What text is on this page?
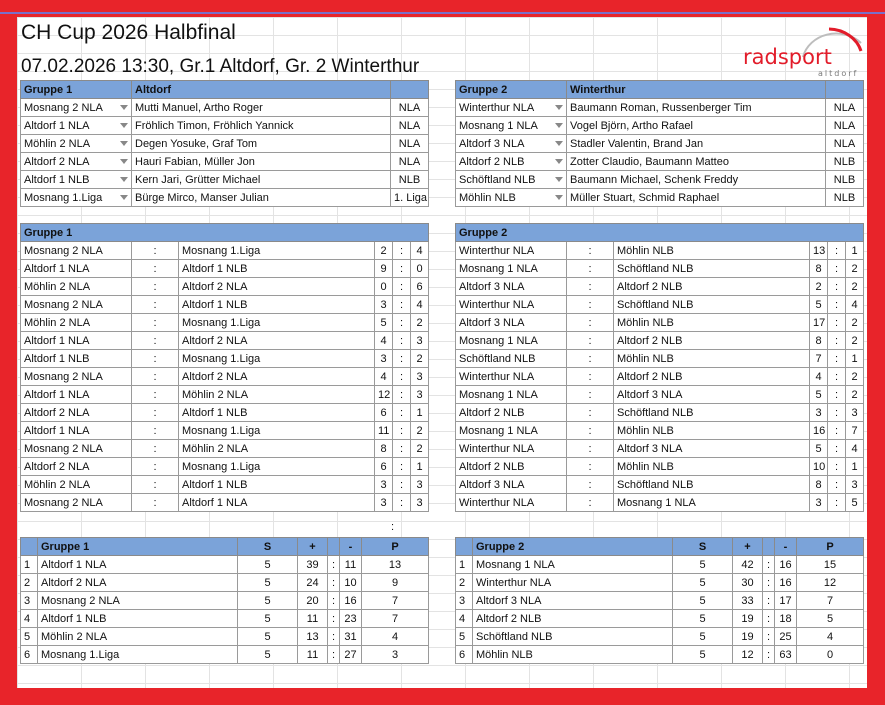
CH Cup 2026 Halbfinal
07.02.2026 13:30, Gr.1 Altdorf, Gr. 2 Winterthur	radsport
altdorf
Gruppe 1	Altdorf	
Mosnang 2 NLA	Mutti Manuel, Artho Roger	NLA
Altdorf 1 NLA	Fröhlich Timon, Fröhlich Yannick	NLA
Möhlin 2 NLA	Degen Yosuke, Graf Tom	NLA
Altdorf 2 NLA	Hauri Fabian, Müller Jon	NLA
Altdorf 1 NLB	Kern Jari, Grütter Michael	NLB
Mosnang 1.Liga	Bürge Mirco, Manser Julian	1. Liga
Gruppe 2	Winterthur	
Winterthur NLA	Baumann Roman, Russenberger Tim	NLA
Mosnang 1 NLA	Vogel Björn, Artho Rafael	NLA
Altdorf 3 NLA	Stadler Valentin, Brand Jan	NLA
Altdorf 2 NLB	Zotter Claudio, Baumann Matteo	NLB
Schöftland NLB	Baumann Michael, Schenk Freddy	NLB
Möhlin NLB	Müller Stuart, Schmid Raphael	NLB
Gruppe 1					
Mosnang 2 NLA	:	Mosnang 1.Liga	2	:	4
Altdorf 1 NLA	:	Altdorf 1 NLB	9	:	0
Möhlin 2 NLA	:	Altdorf 2 NLA	0	:	6
Mosnang 2 NLA	:	Altdorf 1 NLB	3	:	4
Möhlin 2 NLA	:	Mosnang 1.Liga	5	:	2
Altdorf 1 NLA	:	Altdorf 2 NLA	4	:	3
Altdorf 1 NLB	:	Mosnang 1.Liga	3	:	2
Mosnang 2 NLA	:	Altdorf 2 NLA	4	:	3
Altdorf 1 NLA	:	Möhlin 2 NLA	12	:	3
Altdorf 2 NLA	:	Altdorf 1 NLB	6	:	1
Altdorf 1 NLA	:	Mosnang 1.Liga	11	:	2
Mosnang 2 NLA	:	Möhlin 2 NLA	8	:	2
Altdorf 2 NLA	:	Mosnang 1.Liga	6	:	1
Möhlin 2 NLA	:	Altdorf 1 NLB	3	:	3
Mosnang 2 NLA	:	Altdorf 1 NLA	3	:	3
Gruppe 2					
Winterthur NLA	:	Möhlin NLB	13	:	1
Mosnang 1 NLA	:	Schöftland NLB	8	:	2
Altdorf 3 NLA	:	Altdorf 2 NLB	2	:	2
Winterthur NLA	:	Schöftland NLB	5	:	4
Altdorf 3 NLA	:	Möhlin NLB	17	:	2
Mosnang 1 NLA	:	Altdorf 2 NLB	8	:	2
Schöftland NLB	:	Möhlin NLB	7	:	1
Winterthur NLA	:	Altdorf 2 NLB	4	:	2
Mosnang 1 NLA	:	Altdorf 3 NLA	5	:	2
Altdorf 2 NLB	:	Schöftland NLB	3	:	3
Mosnang 1 NLA	:	Möhlin NLB	16	:	7
Winterthur NLA	:	Altdorf 3 NLA	5	:	4
Altdorf 2 NLB	:	Möhlin NLB	10	:	1
Altdorf 3 NLA	:	Schöftland NLB	8	:	3
Winterthur NLA	:	Mosnang 1 NLA	3	:	5
:
	Gruppe 1	S	+		-	P
1	Altdorf 1 NLA	5	39	:	11	13
2	Altdorf 2 NLA	5	24	:	10	9
3	Mosnang 2 NLA	5	20	:	16	7
4	Altdorf 1 NLB	5	11	:	23	7
5	Möhlin 2 NLA	5	13	:	31	4
6	Mosnang 1.Liga	5	11	:	27	3
	Gruppe 2	S	+		-	P
1	Mosnang 1 NLA	5	42	:	16	15
2	Winterthur NLA	5	30	:	16	12
3	Altdorf 3 NLA	5	33	:	17	7
4	Altdorf 2 NLB	5	19	:	18	5
5	Schöftland NLB	5	19	:	25	4
6	Möhlin NLB	5	12	:	63	0
